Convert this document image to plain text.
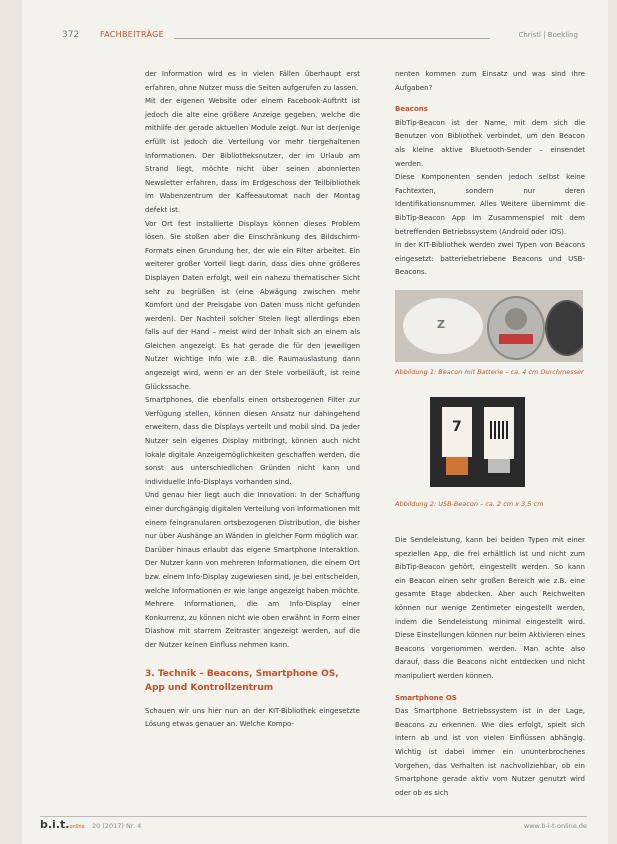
372	FACHBEITRÄGE	Christl | Boekling

der Information wird es in vielen Fällen überhaupt erst erfahren, ohne Nutzer muss die Seiten aufgerufen zu lassen.

Mit der eigenen Website oder einem Facebook-Auftritt ist jedoch die alte eine größere Anzeige gegeben, welche die mithilfe der gerade aktuellen Module zeigt. Nur ist derjenige erfüllt ist jedoch die Verteilung vor mehr tiergehaltenen Informationen. Der Bibliotheksnutzer, der im Urlaub am Strand liegt, möchte nicht über seinen abonnierten Newsletter erfahren, dass im Erdgeschoss der Teilbibliothek im Wabenzentrum der Kaffeeautomat nach der Montag defekt ist.

Vor Ort fest installierte Displays können dieses Problem lösen. Sie stoßen aber die Einschränkung des Bildschirm-Formats einen Grundung her, der wie ein Filter arbeitet. Ein weiterer großer Vorteil liegt darin, dass dies ohne größeres Displayen Daten erfolgt, weil ein nahezu thematischer Sicht sehr zu begrüßen ist (eine Abwägung zwischen mehr Komfort und der Preisgabe von Daten muss nicht gefunden werden). Der Nachteil solcher Stelen liegt allerdings eben falls auf der Hand – meist wird der Inhalt sich an einem als Gleichen angezeigt. Es hat gerade die für den jeweiligen Nutzer wichtige Info wie z.B. die Raumauslastung dann angezeigt wird, wenn er an der Stele vorbeiläuft, ist reine Glückssache.

Smartphones, die ebenfalls einen ortsbezogenen Filter zur Verfügung stellen, können diesen Ansatz nur dahingehend erweitern, dass die Displays verteilt und mobil sind. Da jeder Nutzer sein eigenes Display mitbringt, können auch nicht lokale digitale Anzeigemöglichkeiten geschaffen werden, die sonst aus unterschiedlichen Gründen nicht kann und individuelle Info-Displays vorhanden sind.

Und genau hier liegt auch die Innovation: In der Schaffung einer durchgängig digitalen Verteilung von Informationen mit einem feingranularen ortsbezogenen Distribution, die bisher nur über Aushänge an Wänden in gleicher Form möglich war.

Darüber hinaus erlaubt das eigene Smartphone Interaktion. Der Nutzer kann von mehreren Informationen, die einem Ort bzw. einem Info-Display zugewiesen sind, je bei entscheiden, welche Informationen er wie lange angezeigt haben möchte. Mehrere Informationen, die am Info-Display einer Konkurrenz, zu können nicht wie oben erwähnt in Form einer Diashow mit starrem Zeitraster angezeigt werden, auf die der Nutzer keinen Einfluss nehmen kann.

3. Technik – Beacons, Smartphone OS, App und Kontrollzentrum

Schauen wir uns hier nun an der KIT-Bibliothek eingesetzte Lösung etwas genauer an. Welche Kompo-

nenten kommen zum Einsatz und was sind ihre Aufgaben?

Beacons

BibTip-Beacon ist der Name, mit dem sich die Benutzer von Bibliothek verbindet, um den Beacon als kleine aktive Bluetooth-Sender – einsendet werden.

Diese Komponenten senden jedoch selbst keine Fachtexten, sondern nur deren Identifikationsnummer. Alles Weitere übernimmt die BibTip-Beacon App im Zusammenspiel mit dem betreffenden Betriebssystem (Android oder iOS).

In der KIT-Bibliothek werden zwei Typen von Beacons eingesetzt: batteriebetriebene Beacons und USB-Beacons.

Z
Abbildung 1: Beacon mit Batterie – ca. 4 cm Durchmesser
7
Abbildung 2: USB-Beacon – ca. 2 cm x 3,5 cm

Die Sendeleistung, kann bei beiden Typen mit einer speziellen App, die frei erhältlich ist und nicht zum BibTip-Beacon gehört, eingestellt werden. So kann ein Beacon einen sehr großen Bereich wie z.B. eine gesamte Etage abdecken. Aber auch Reichweiten können nur wenige Zentimeter eingestellt werden, indem die Sendeleistung minimal eingestellt wird. Diese Einstellungen können nur beim Aktivieren eines Beacons vorgenommen werden. Man achte also darauf, dass die Beacons nicht entdecken und nicht manipuliert werden können.

Smartphone OS

Das Smartphone Betriebssystem ist in der Lage, Beacons zu erkennen. Wie dies erfolgt, spielt sich intern ab und ist von vielen Einflüssen abhängig. Wichtig ist dabei immer ein ununterbrochenes Vorgehen, das Verhalten ist nachvollziehbar, ob ein Smartphone gerade aktiv vom Nutzer genutzt wird oder ob es sich

b.i.t.online 20 (2017) Nr. 4	www.b-i-t-online.de
